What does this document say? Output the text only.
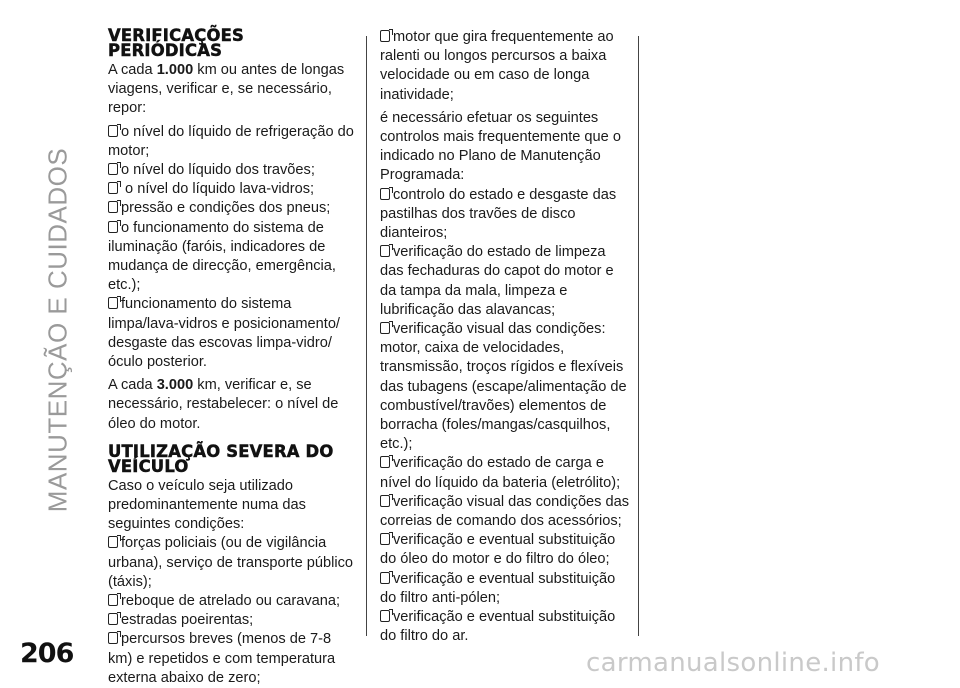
MANUTENÇÃO E CUIDADOS
VERIFICAÇÕES PERIÓDICAS

A cada 1.000 km ou antes de longas viagens, verificar e, se necessário, repor:

o nível do líquido de refrigeração do motor;
o nível do líquido dos travões;
o nível do líquido lava-vidros;
pressão e condições dos pneus;
o funcionamento do sistema de iluminação (faróis, indicadores de mudança de direcção, emergência, etc.);
funcionamento do sistema limpa/lava-vidros e posicionamento/ desgaste das escovas limpa-vidro/ óculo posterior.

A cada 3.000 km, verificar e, se necessário, restabelecer: o nível de óleo do motor.

UTILIZAÇÃO SEVERA DO VEÍCULO
Caso o veículo seja utilizado predominantemente numa das seguintes condições:
forças policiais (ou de vigilância urbana), serviço de transporte público (táxis);
reboque de atrelado ou caravana;
estradas poeirentas;
percursos breves (menos de 7-8 km) e repetidos e com temperatura externa abaixo de zero;
motor que gira frequentemente ao ralenti ou longos percursos a baixa velocidade ou em caso de longa inatividade;
é necessário efetuar os seguintes controlos mais frequentemente que o indicado no Plano de Manutenção Programada:
controlo do estado e desgaste das pastilhas dos travões de disco dianteiros;
verificação do estado de limpeza das fechaduras do capot do motor e da tampa da mala, limpeza e lubrificação das alavancas;
verificação visual das condições: motor, caixa de velocidades, transmissão, troços rígidos e flexíveis das tubagens (escape/alimentação de combustível/travões) elementos de borracha (foles/mangas/casquilhos, etc.);
verificação do estado de carga e nível do líquido da bateria (eletrólito);
verificação visual das condições das correias de comando dos acessórios;
verificação e eventual substituição do óleo do motor e do filtro do óleo;
verificação e eventual substituição do filtro anti-pólen;
verificação e eventual substituição do filtro do ar.
206	carmanualsonline.info
